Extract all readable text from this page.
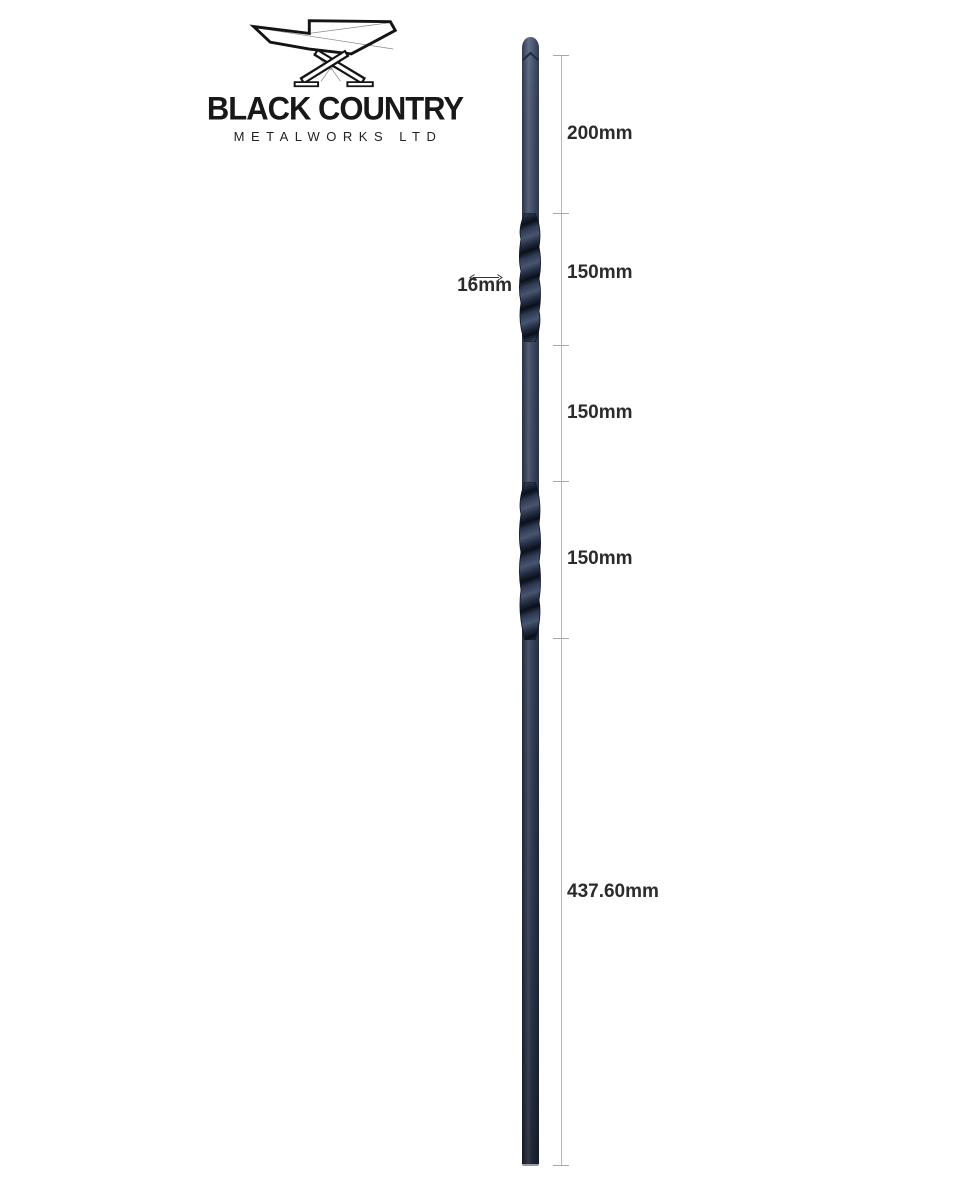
BLACK COUNTRY
METALWORKS LTD	200mm
150mm
150mm
150mm
437.60mm
16mm
